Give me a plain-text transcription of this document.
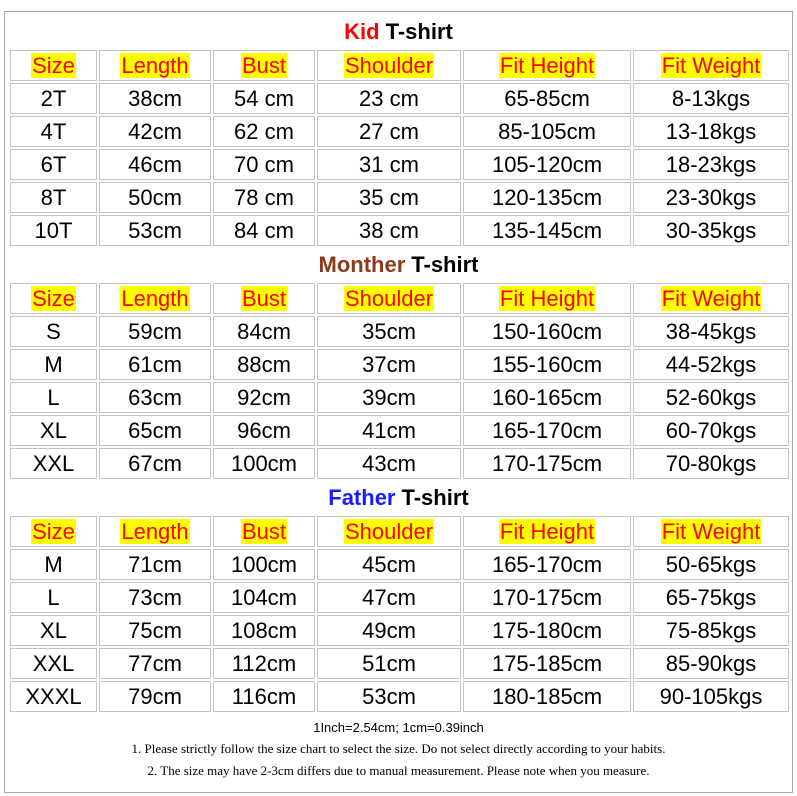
Kid T-shirt
Size	Length	Bust	Shoulder	Fit Height	Fit Weight
2T	38cm	54 cm	23 cm	65-85cm	8-13kgs
4T	42cm	62 cm	27 cm	85-105cm	13-18kgs
6T	46cm	70 cm	31 cm	105-120cm	18-23kgs
8T	50cm	78 cm	35 cm	120-135cm	23-30kgs
10T	53cm	84 cm	38 cm	135-145cm	30-35kgs
Monther T-shirt
Size	Length	Bust	Shoulder	Fit Height	Fit Weight
S	59cm	84cm	35cm	150-160cm	38-45kgs
M	61cm	88cm	37cm	155-160cm	44-52kgs
L	63cm	92cm	39cm	160-165cm	52-60kgs
XL	65cm	96cm	41cm	165-170cm	60-70kgs
XXL	67cm	100cm	43cm	170-175cm	70-80kgs
Father T-shirt
Size	Length	Bust	Shoulder	Fit Height	Fit Weight
M	71cm	100cm	45cm	165-170cm	50-65kgs
L	73cm	104cm	47cm	170-175cm	65-75kgs
XL	75cm	108cm	49cm	175-180cm	75-85kgs
XXL	77cm	112cm	51cm	175-185cm	85-90kgs
XXXL	79cm	116cm	53cm	180-185cm	90-105kgs
1Inch=2.54cm; 1cm=0.39inch
1. Please strictly follow the size chart to select the size. Do not select directly according to your habits.
2. The size may have 2-3cm differs due to manual measurement. Please note when you measure.
